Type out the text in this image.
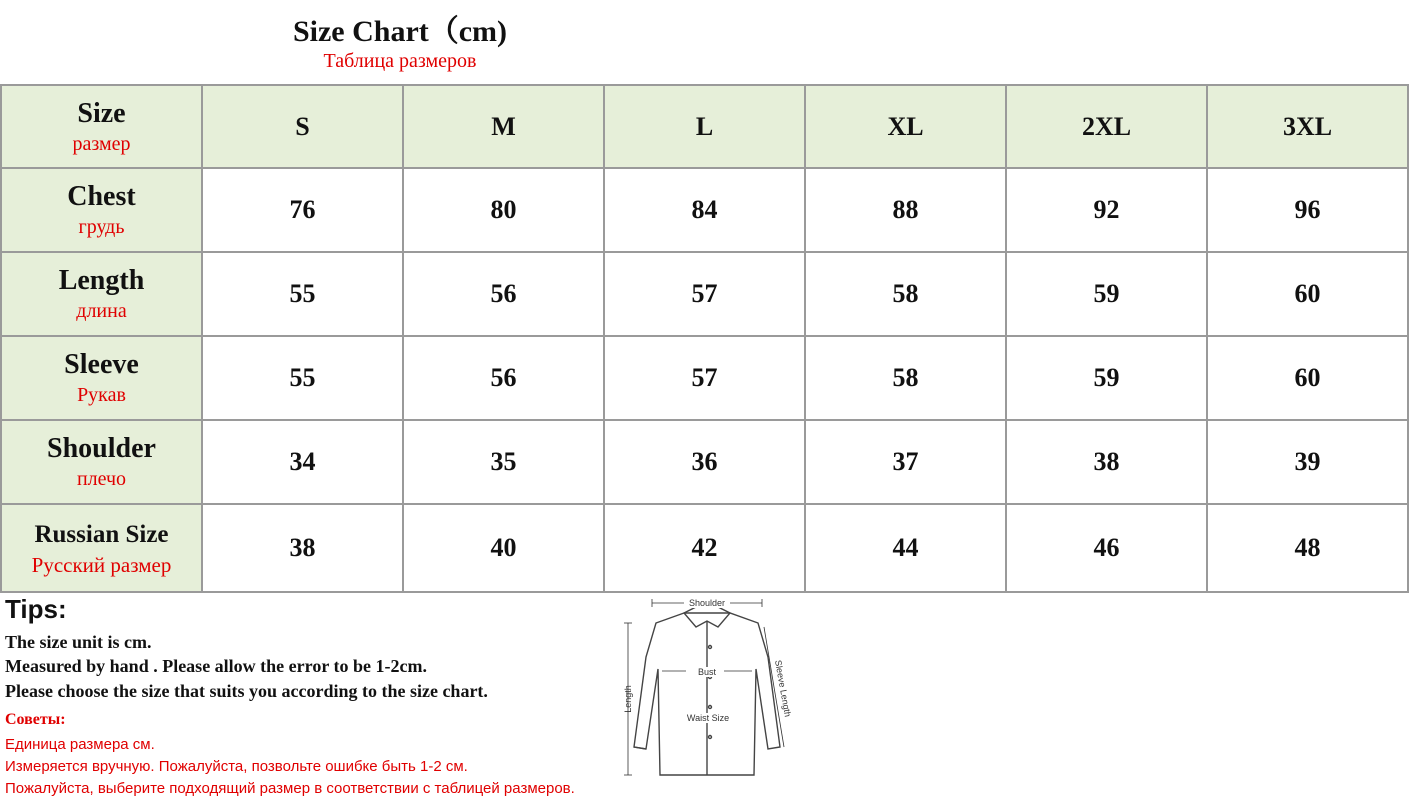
Size Chart（cm)
Таблица размеров
Size
размер	S	M	L	XL	2XL	3XL

Chest
грудь	76	80	84	88	92	96

Length
длина	55	56	57	58	59	60

Sleeve
Рукав	55	56	57	58	59	60

Shoulder
плечо	34	35	36	37	38	39

Russian Size
Русский размер	38	40	42	44	46	48
Tips:
The size unit is cm.
Measured by hand . Please allow the error to be 1-2cm.
Please choose the size that suits you according to the size chart.
Советы:
Единица размера см.
Измеряется вручную. Пожалуйста, позвольте ошибке быть 1-2 см.
Пожалуйста, выберите подходящий размер в соответствии с таблицей размеров.
Shoulder
Length
Bust	Sleeve Length
Waist Size
